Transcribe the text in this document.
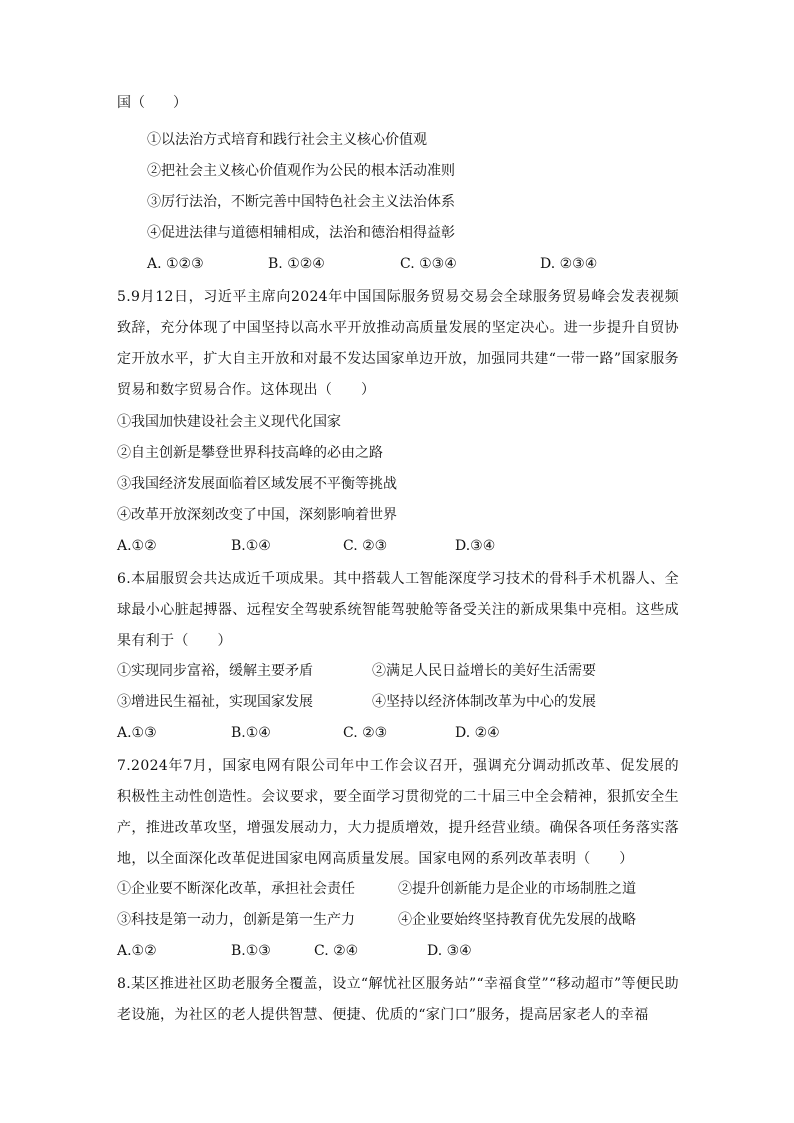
国（　　）
①以法治方式培育和践行社会主义核心价值观
②把社会主义核心价值观作为公民的根本活动准则
③厉行法治，不断完善中国特色社会主义法治体系
④促进法律与道德相辅相成，法治和德治相得益彰
A. ①②③	B. ①②④	C. ①③④	D. ②③④
5.9月12日，习近平主席向2024年中国国际服务贸易交易会全球服务贸易峰会发表视频致辞，充分体现了中国坚持以高水平开放推动高质量发展的坚定决心。进一步提升自贸协定开放水平，扩大自主开放和对最不发达国家单边开放，加强同共建“一带一路”国家服务贸易和数字贸易合作。这体现出（　　）
①我国加快建设社会主义现代化国家
②自主创新是攀登世界科技高峰的必由之路
③我国经济发展面临着区域发展不平衡等挑战
④改革开放深刻改变了中国，深刻影响着世界
A.①②	B.①④	C. ②③	D.③④
6.本届服贸会共达成近千项成果。其中搭载人工智能深度学习技术的骨科手术机器人、全球最小心脏起搏器、远程安全驾驶系统智能驾驶舱等备受关注的新成果集中亮相。这些成果有利于（　　）
①实现同步富裕，缓解主要矛盾	②满足人民日益增长的美好生活需要
③增进民生福祉，实现国家发展	④坚持以经济体制改革为中心的发展
A.①③	B.①④	C. ②③	D. ②④
7.2024年7月，国家电网有限公司年中工作会议召开，强调充分调动抓改革、促发展的积极性主动性创造性。会议要求，要全面学习贯彻党的二十届三中全会精神，狠抓安全生产，推进改革攻坚，增强发展动力，大力提质增效，提升经营业绩。确保各项任务落实落地，以全面深化改革促进国家电网高质量发展。国家电网的系列改革表明（　　）
①企业要不断深化改革，承担社会责任	②提升创新能力是企业的市场制胜之道
③科技是第一动力，创新是第一生产力	④企业要始终坚持教育优先发展的战略
A.①②	B.①③	C. ②④	D. ③④
8.某区推进社区助老服务全覆盖，设立“解忧社区服务站”“幸福食堂”“移动超市”等便民助老设施，为社区的老人提供智慧、便捷、优质的“家门口”服务，提高居家老人的幸福
